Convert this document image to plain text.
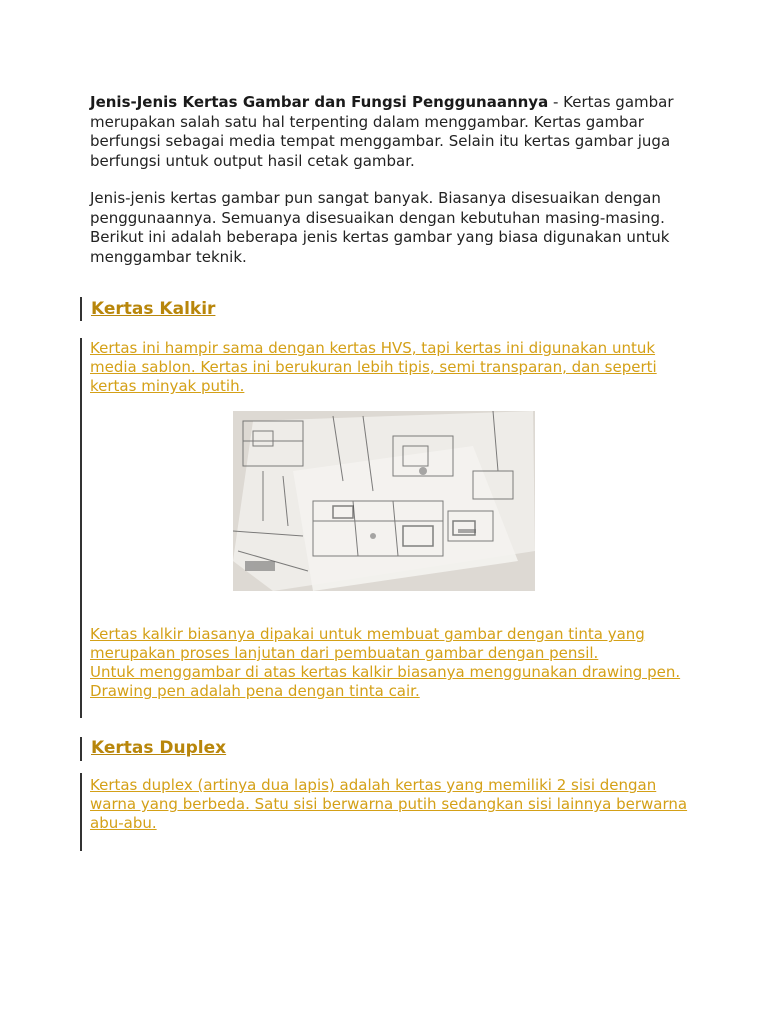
Jenis-Jenis Kertas Gambar dan Fungsi Penggunaannya - Kertas gambar merupakan salah satu hal terpenting dalam menggambar. Kertas gambar berfungsi sebagai media tempat menggambar. Selain itu kertas gambar juga berfungsi untuk output hasil cetak gambar.

Jenis-jenis kertas gambar pun sangat banyak. Biasanya disesuaikan dengan penggunaannya. Semuanya disesuaikan dengan kebutuhan masing-masing. Berikut ini adalah beberapa jenis kertas gambar yang biasa digunakan untuk menggambar teknik.

Kertas Kalkir
Kertas ini hampir sama dengan kertas HVS, tapi kertas ini digunakan untuk media sablon. Kertas ini berukuran lebih tipis, semi transparan, dan seperti kertas minyak putih.

Kertas kalkir biasanya dipakai untuk membuat gambar dengan tinta yang merupakan proses lanjutan dari pembuatan gambar dengan pensil.

Untuk menggambar di atas kertas kalkir biasanya menggunakan drawing pen. Drawing pen adalah pena dengan tinta cair.

Kertas Duplex
Kertas duplex (artinya dua lapis) adalah kertas yang memiliki 2 sisi dengan warna yang berbeda. Satu sisi berwarna putih sedangkan sisi lainnya berwarna abu-abu.
